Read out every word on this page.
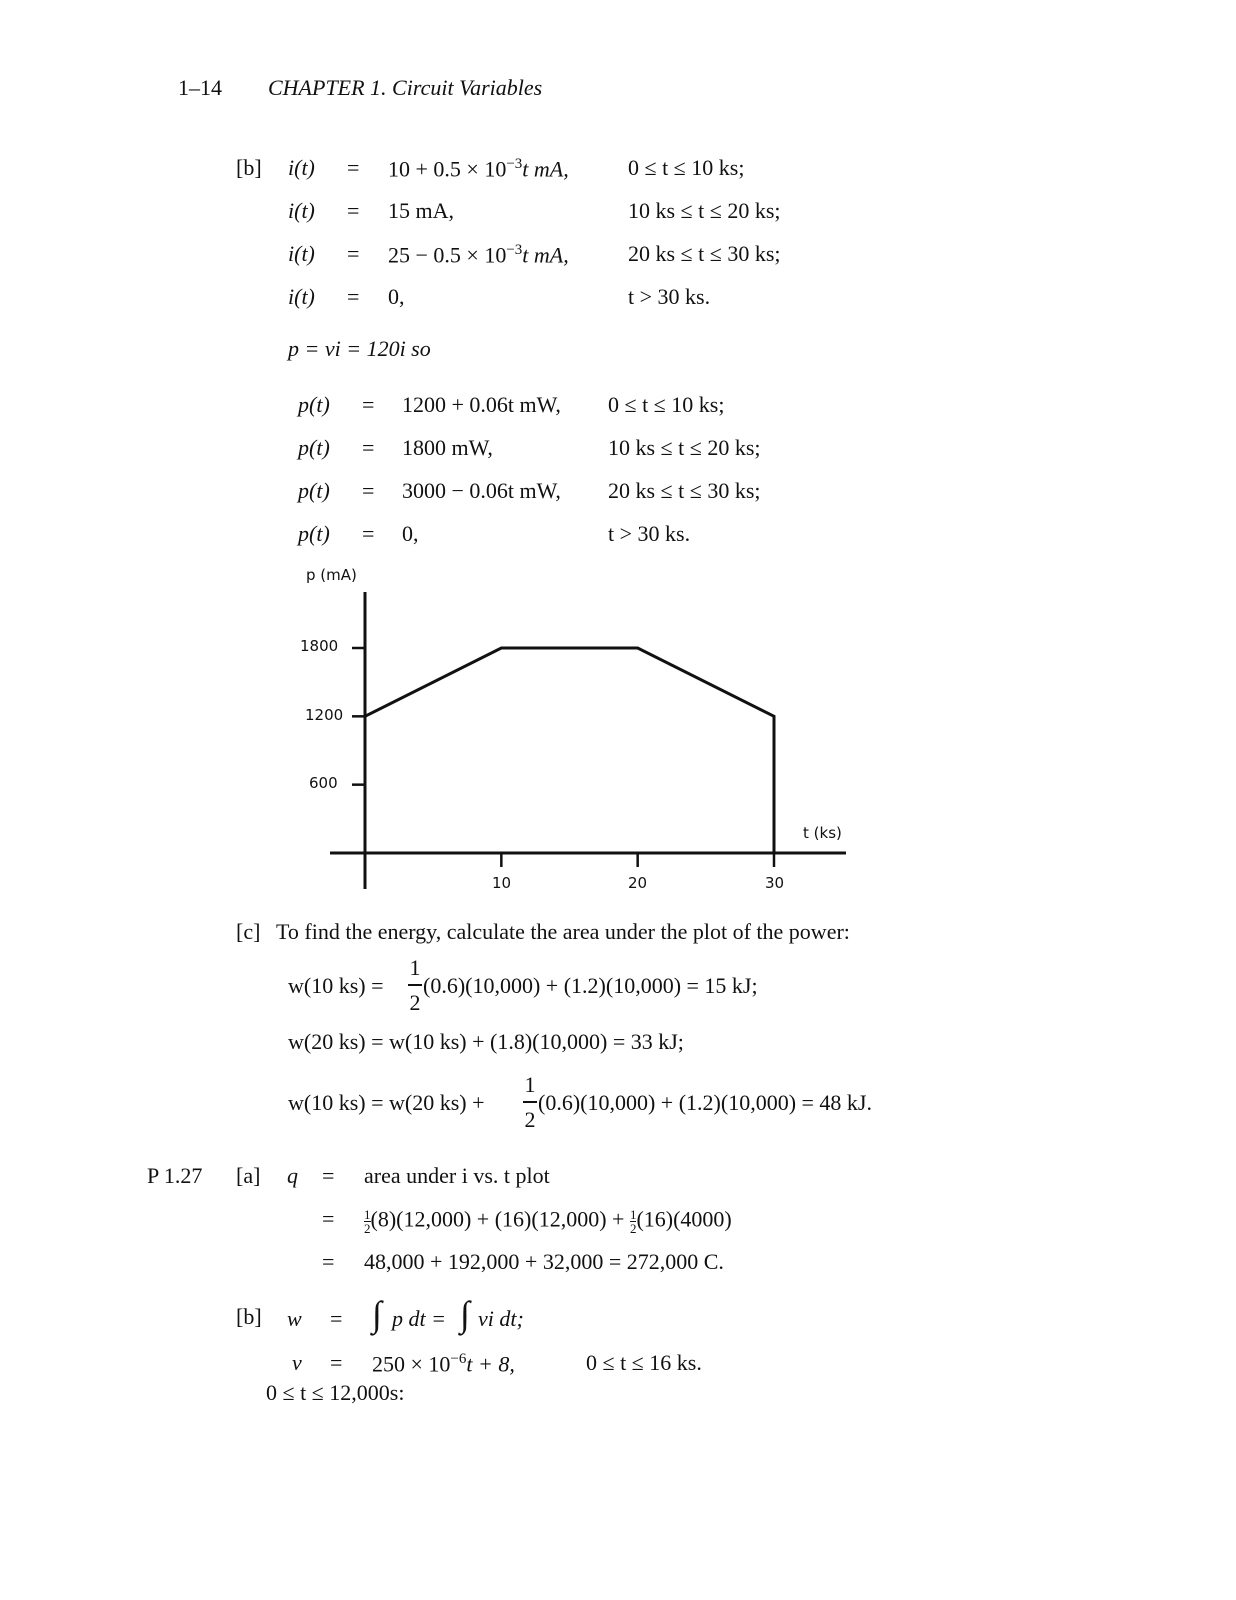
1–14 CHAPTER 1. Circuit Variables
[b] $i(t) = 10 + 0.5 \times 10^{-3}t$ mA,	0 ≤ t ≤ 10 ks;
i(t) = 15 mA,	10 ks ≤ t ≤ 20 ks;
$i(t) = 25 - 0.5 \times 10^{-3}t$ mA,	20 ks ≤ t ≤ 30 ks;
i(t) = 0,	t > 30 ks.
p = vi = 120i so
p(t) = 1200 + 0.06t mW, 0 ≤ t ≤ 10 ks;
p(t) = 1800 mW,	10 ks ≤ t ≤ 20 ks;
p(t) = 3000 − 0.06t mW, 20 ks ≤ t ≤ 30 ks;
p(t) = 0,	t > 30 ks.
p (mA)
t (ks)
1800
1200
600
10	20	30
[c] To find the energy, calculate the area under the plot of the power:
w(10 ks) =
1
2
(0.6)(10,000) + (1.2)(10,000) = 15 kJ;
w(20 ks) = w(10 ks) + (1.8)(10,000) = 33 kJ;
w(10 ks) = w(20 ks) +
1
2
(0.6)(10,000) + (1.2)(10,000) = 48 kJ.
P 1.27 [a] q = area under i vs. t plot
= $\frac{1}{2} (8)(12,000) + (16)(12,000) + \frac{1}{2} (16)(4000)$
= 48,000 + 192,000 + 32,000 = 272,000 C.
[b] w = ∫ p dt = ∫ vi dt;
$v = 250 \times 10^{-6}t + 8$,	0 ≤ t ≤ 16 ks.
0 ≤ t ≤ 12,000s:
